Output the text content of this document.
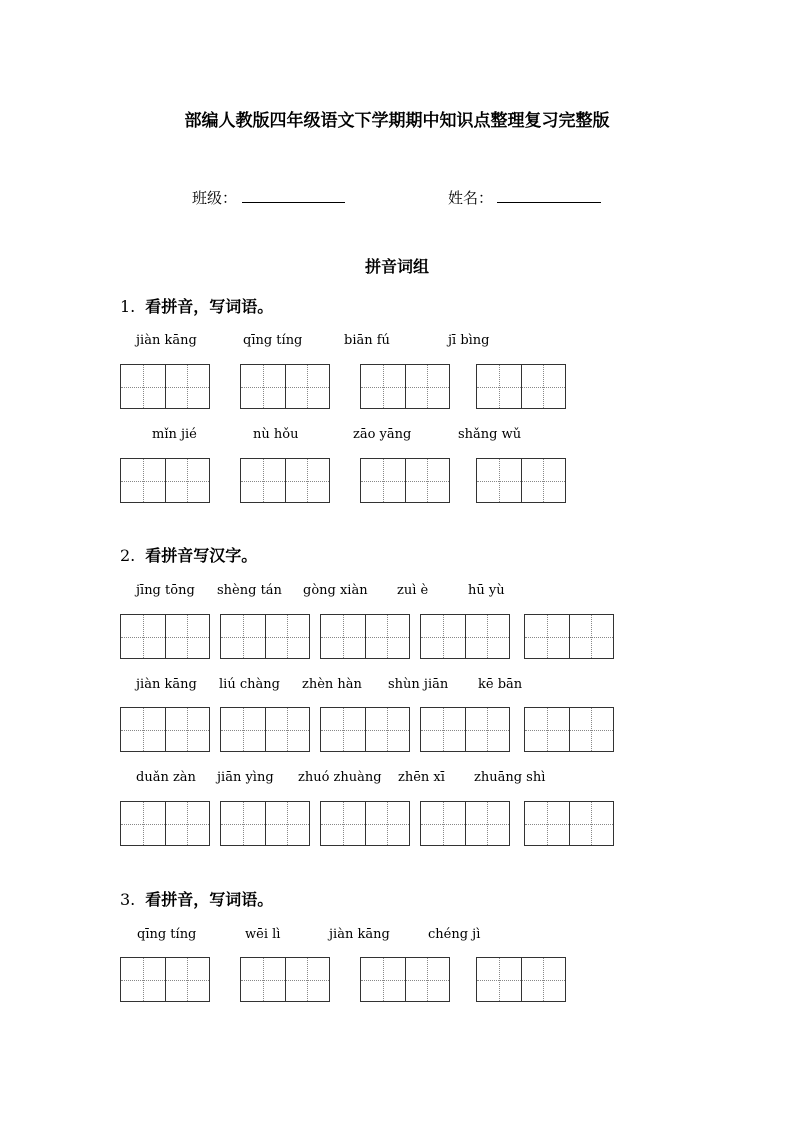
部编人教版四年级语文下学期期中知识点整理复习完整版
班级：	姓名：
拼音词组
1. 看拼音，写词语。
jiàn kāng	qīng tíng	biān fú	jī bìng
mǐn jié	nù hǒu	zāo yāng	shǎng wǔ
2. 看拼音写汉字。
jīng tōng shèng tán gòng xiàn zuì è	hū yù
jiàn kāng liú chàng zhèn hàn shùn jiān kē bān
duǎn zàn jiān yìng zhuó zhuàng zhēn xī zhuāng shì
3. 看拼音，写词语。
qīng tíng	wēi lì	jiàn kāng	chéng jì
